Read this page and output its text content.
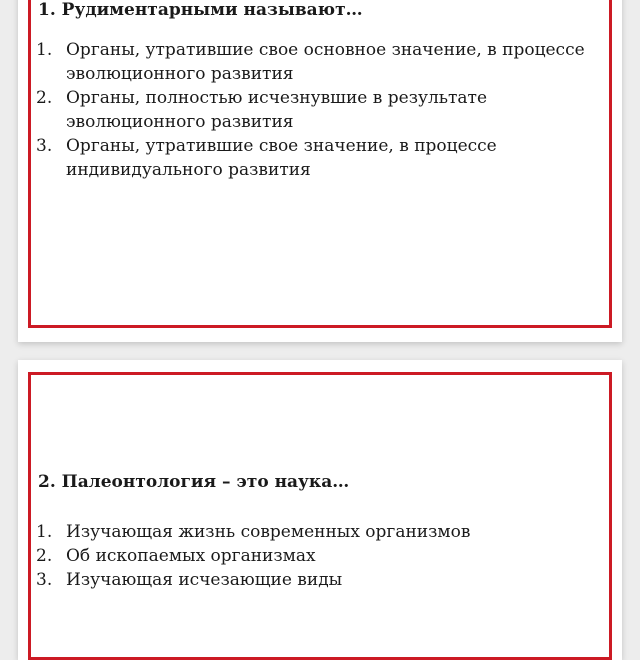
1. Рудиментарными называют…

1. Органы, утратившие свое основное значение, в процессе эволюционного развития
2. Органы, полностью исчезнувшие в результате эволюционного развития
3. Органы, утратившие свое значение, в процессе индивидуального развития

2. Палеонтология – это наука…

1. Изучающая жизнь современных организмов
2. Об ископаемых организмах
3. Изучающая исчезающие виды
